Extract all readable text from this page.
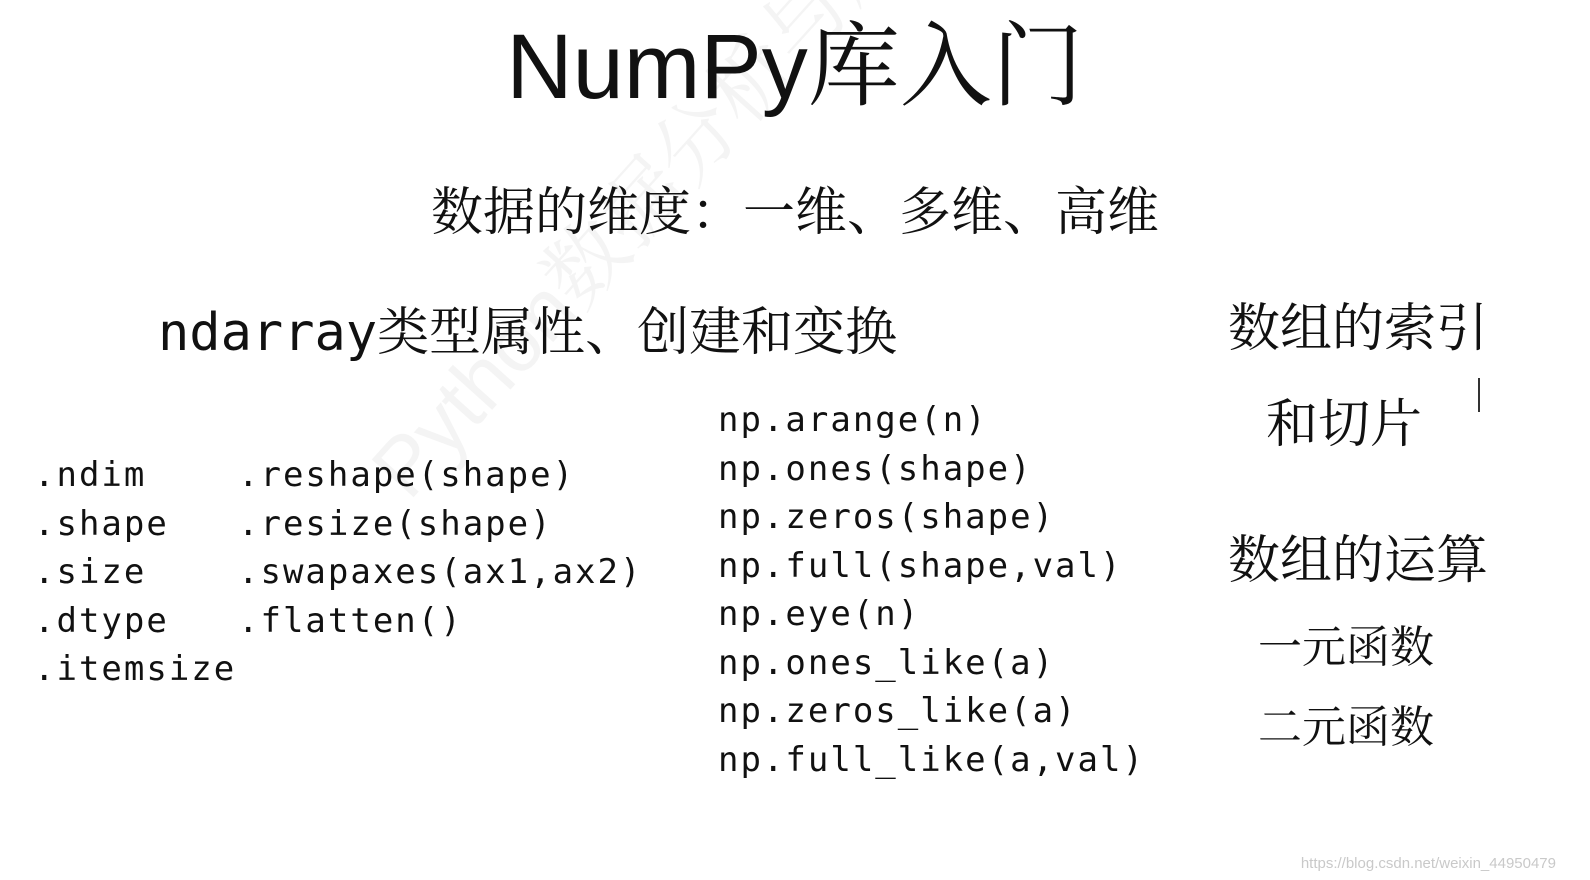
NumPy库入门
数据的维度：一维、多维、高维
ndarray类型属性、创建和变换
.ndim
.shape
.size
.dtype
.itemsize
.reshape(shape)
.resize(shape)
.swapaxes(ax1,ax2)
.flatten()
np.arange(n)
np.ones(shape)
np.zeros(shape)
np.full(shape,val)
np.eye(n)
np.ones_like(a)
np.zeros_like(a)
np.full_like(a,val)
数组的索引
和切片
数组的运算
一元函数
二元函数
https://blog.csdn.net/weixin_44950479
